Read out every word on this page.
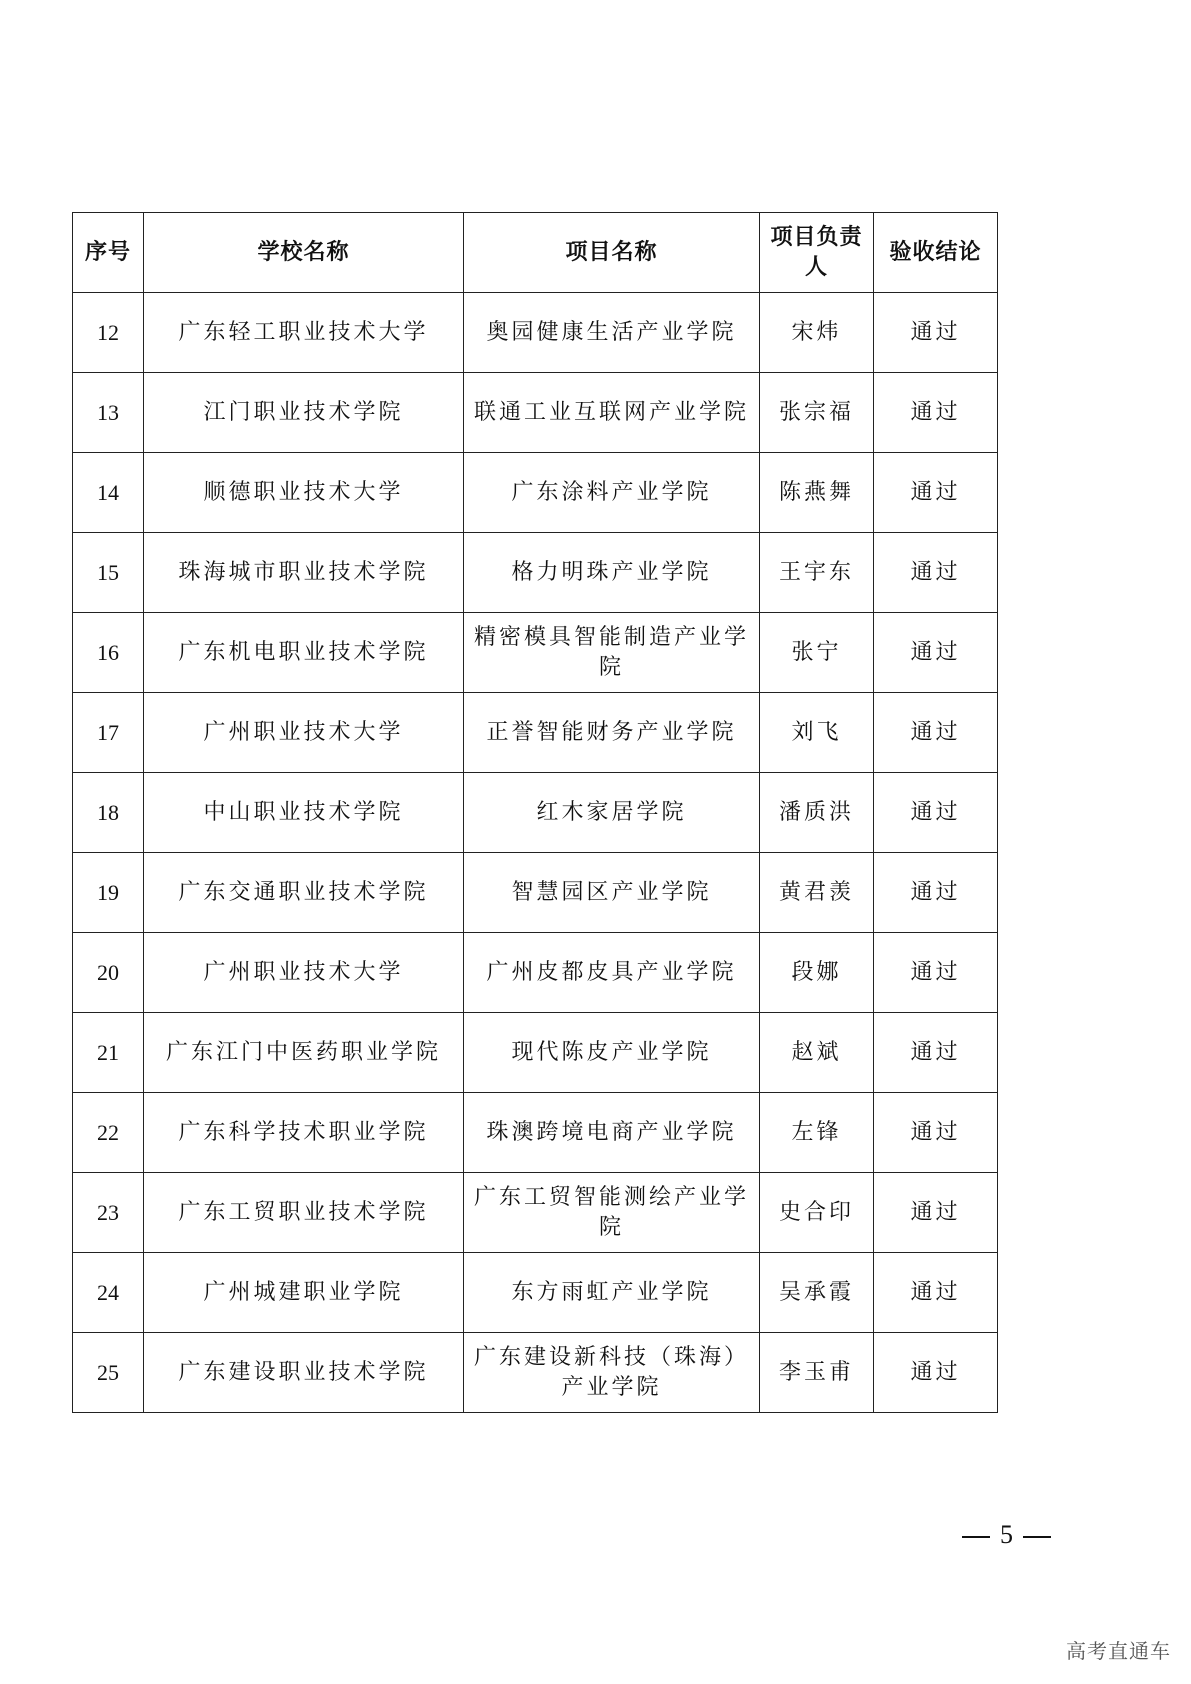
序号	学校名称	项目名称	项目负责人	验收结论
12	广东轻工职业技术大学	奥园健康生活产业学院	宋炜	通过
13	江门职业技术学院	联通工业互联网产业学院	张宗福	通过
14	顺德职业技术大学	广东涂料产业学院	陈燕舞	通过
15	珠海城市职业技术学院	格力明珠产业学院	王宇东	通过
16	广东机电职业技术学院	精密模具智能制造产业学院	张宁	通过
17	广州职业技术大学	正誉智能财务产业学院	刘飞	通过
18	中山职业技术学院	红木家居学院	潘质洪	通过
19	广东交通职业技术学院	智慧园区产业学院	黄君羡	通过
20	广州职业技术大学	广州皮都皮具产业学院	段娜	通过
21	广东江门中医药职业学院	现代陈皮产业学院	赵斌	通过
22	广东科学技术职业学院	珠澳跨境电商产业学院	左锋	通过
23	广东工贸职业技术学院	广东工贸智能测绘产业学院	史合印	通过
24	广州城建职业学院	东方雨虹产业学院	吴承霞	通过
25	广东建设职业技术学院	广东建设新科技（珠海）产业学院	李玉甫	通过
5
高考直通车
